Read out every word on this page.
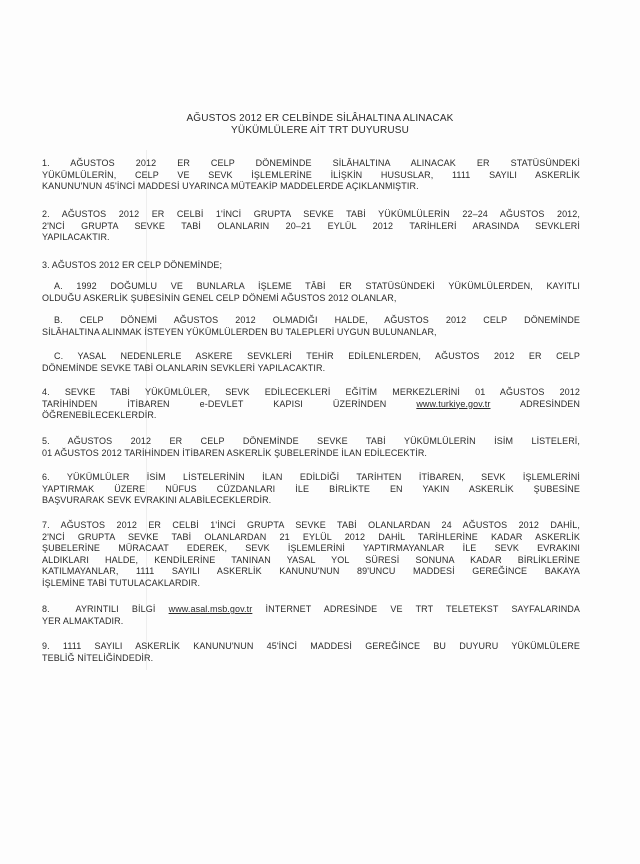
AĞUSTOS 2012 ER CELBİNDE SİLÂHALTINA ALINACAK
YÜKÜMLÜLERE AİT TRT DUYURUSU
1. AĞUSTOS 2012 ER CELP DÖNEMİNDE SİLÂHALTINA ALINACAK ER STATÜSÜNDEKİ
YÜKÜMLÜLERİN, CELP VE SEVK İŞLEMLERİNE İLİŞKİN HUSUSLAR, 1111 SAYILI ASKERLİK
KANUNU'NUN 45'İNCİ MADDESİ UYARINCA MÜTEAKİP MADDELERDE AÇIKLANMIŞTIR.
2. AĞUSTOS 2012 ER CELBİ 1'İNCİ GRUPTA SEVKE TABİ YÜKÜMLÜLERİN 22–24 AĞUSTOS 2012,
2'NCİ GRUPTA SEVKE TABİ OLANLARIN 20–21 EYLÜL 2012 TARİHLERİ ARASINDA SEVKLERİ
YAPILACAKTIR.
3. AĞUSTOS 2012 ER CELP DÖNEMİNDE;
A. 1992 DOĞUMLU VE BUNLARLA İŞLEME TÂBİ ER STATÜSÜNDEKİ YÜKÜMLÜLERDEN, KAYITLI
OLDUĞU ASKERLİK ŞUBESİNİN GENEL CELP DÖNEMİ AĞUSTOS 2012 OLANLAR,
B. CELP DÖNEMİ AĞUSTOS 2012 OLMADIĞI HALDE, AĞUSTOS 2012 CELP DÖNEMİNDE
SİLÂHALTINA ALINMAK İSTEYEN YÜKÜMLÜLERDEN BU TALEPLERİ UYGUN BULUNANLAR,
C. YASAL NEDENLERLE ASKERE SEVKLERİ TEHİR EDİLENLERDEN, AĞUSTOS 2012 ER CELP
DÖNEMİNDE SEVKE TABİ OLANLARIN SEVKLERİ YAPILACAKTIR.
4. SEVKE TABİ YÜKÜMLÜLER, SEVK EDİLECEKLERİ EĞİTİM MERKEZLERİNİ 01 AĞUSTOS 2012
TARİHİNDEN     İTİBAREN     e-DEVLET     KAPISI     ÜZERİNDEN     www.turkiye.gov.tr     ADRESİNDEN
ÖĞRENEBİLECEKLERDİR.
5. AĞUSTOS 2012 ER CELP DÖNEMİNDE SEVKE TABİ YÜKÜMLÜLERİN İSİM LİSTELERİ,
01 AĞUSTOS 2012 TARİHİNDEN İTİBAREN ASKERLİK ŞUBELERİNDE İLAN EDİLECEKTİR.
6. YÜKÜMLÜLER İSİM LİSTELERİNİN İLAN EDİLDİĞİ TARİHTEN İTİBAREN, SEVK İŞLEMLERİNİ
YAPTIRMAK ÜZERE NÜFUS CÜZDANLARI İLE BİRLİKTE EN YAKIN ASKERLİK ŞUBESİNE
BAŞVURARAK SEVK EVRAKINI ALABİLECEKLERDİR.
7. AĞUSTOS 2012 ER CELBİ 1'İNCİ GRUPTA SEVKE TABİ OLANLARDAN 24 AĞUSTOS 2012 DAHİL,
2'NCİ GRUPTA SEVKE TABİ OLANLARDAN 21 EYLÜL 2012 DAHİL TARİHLERİNE KADAR ASKERLİK
ŞUBELERİNE MÜRACAAT EDEREK, SEVK İŞLEMLERİNİ YAPTIRMAYANLAR İLE SEVK EVRAKINI
ALDIKLARI HALDE, KENDİLERİNE TANINAN YASAL YOL SÜRESİ SONUNA KADAR BİRLİKLERİNE
KATILMAYANLAR, 1111 SAYILI ASKERLİK KANUNU'NUN 89'UNCU MADDESİ GEREĞİNCE BAKAYA
İŞLEMİNE TABİ TUTULACAKLARDIR.
8.  AYRINTILI BİLGİ www.asal.msb.gov.tr İNTERNET ADRESİNDE VE TRT TELETEKST SAYFALARINDA
YER ALMAKTADIR.
9. 1111 SAYILI ASKERLİK KANUNU'NUN 45'İNCİ MADDESİ GEREĞİNCE BU DUYURU YÜKÜMLÜLERE
TEBLİĞ NİTELİĞİNDEDİR.
